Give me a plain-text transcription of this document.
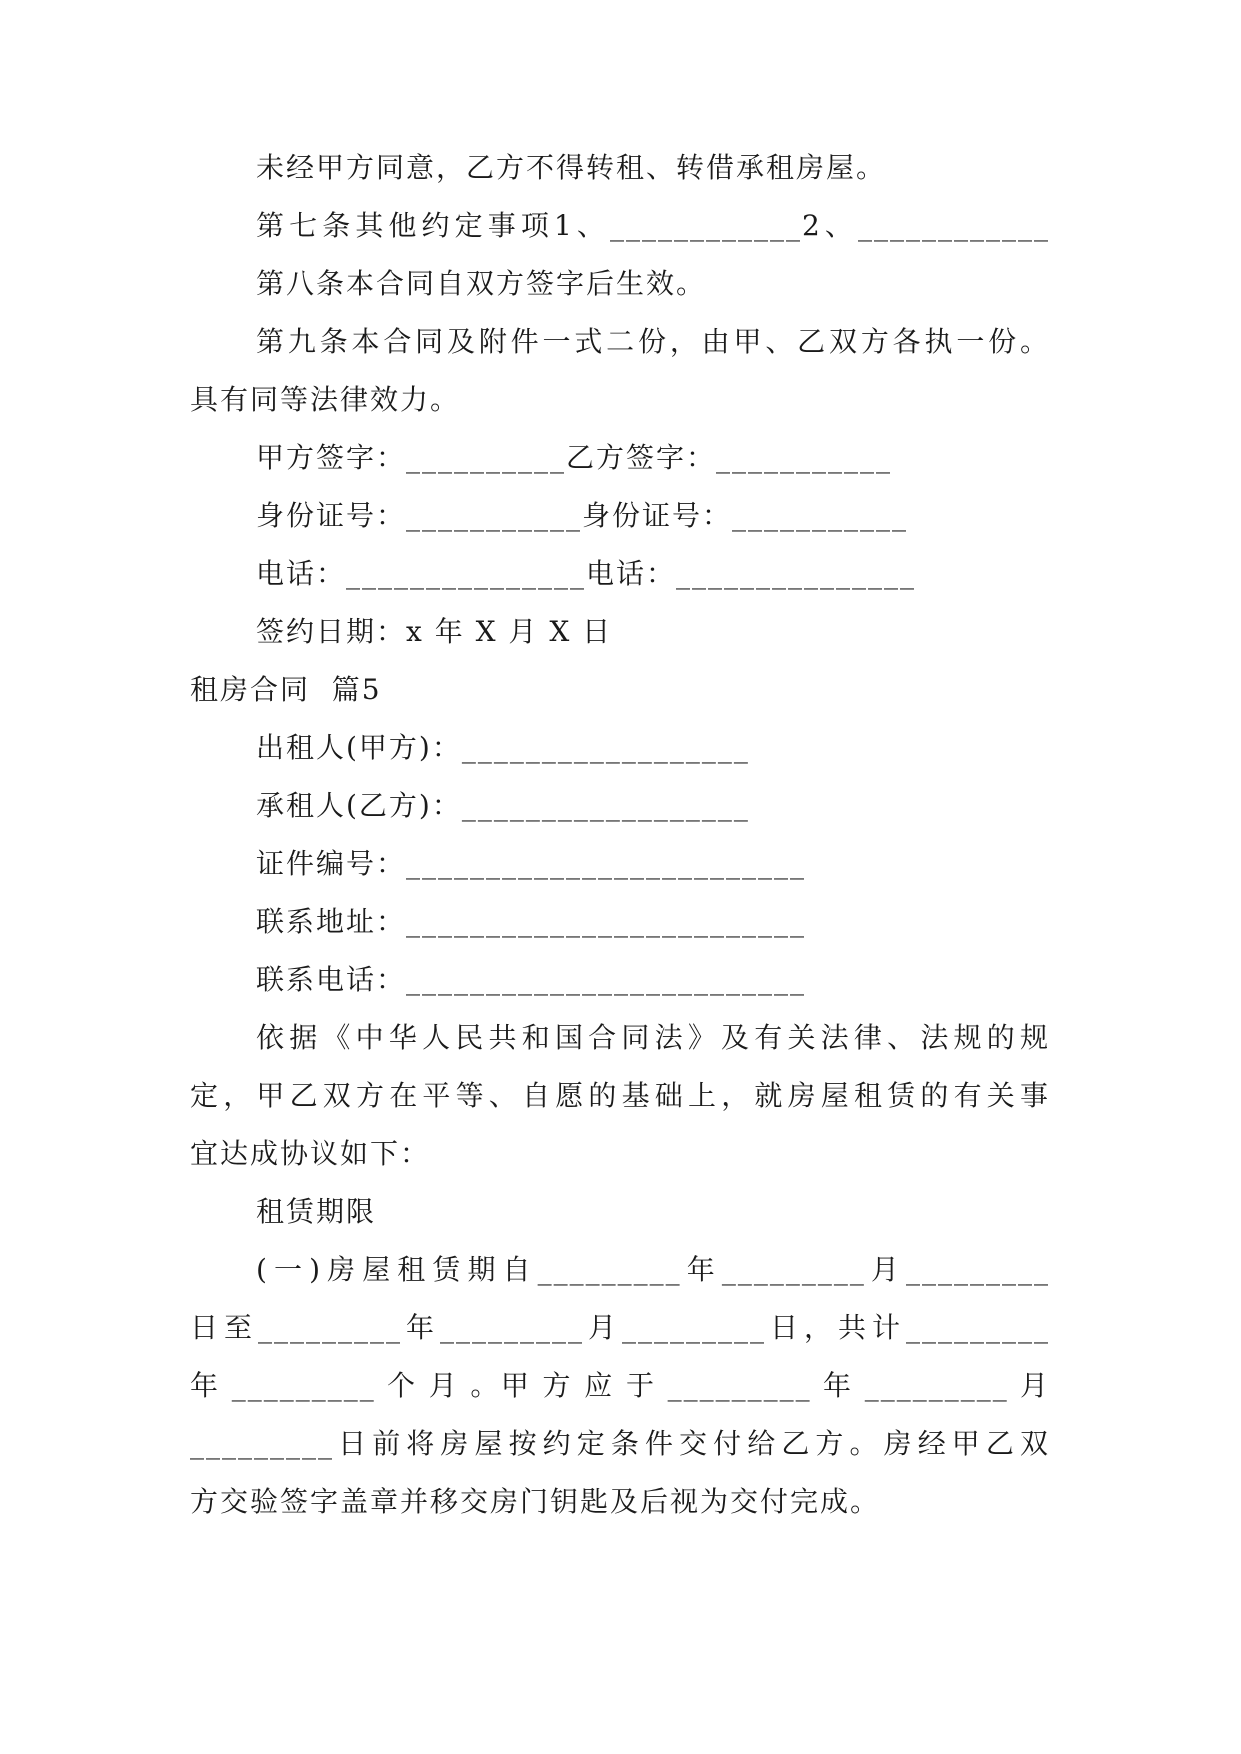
未经甲方同意，乙方不得转租、转借承租房屋。
第七条其他约定事项1、____________2、____________
第八条本合同自双方签字后生效。
第九条本合同及附件一式二份，由甲、乙双方各执一份。
具有同等法律效力。
甲方签字：__________乙方签字：___________
身份证号：___________身份证号：___________
电话：_______________电话：_______________
签约日期：x 年 X 月 X 日
租房合同  篇5
出租人(甲方)：__________________
承租人(乙方)：__________________
证件编号：_________________________
联系地址：_________________________
联系电话：_________________________
依据《中华人民共和国合同法》及有关法律、法规的规
定，甲乙双方在平等、自愿的基础上，就房屋租赁的有关事
宜达成协议如下：
租赁期限
(一)房屋租赁期自_________年_________月_________
日至_________年_________月_________日，共计_________
年 _________ 个 月 。甲 方 应 于 _________ 年 _________ 月
_________日前将房屋按约定条件交付给乙方。房经甲乙双
方交验签字盖章并移交房门钥匙及后视为交付完成。
